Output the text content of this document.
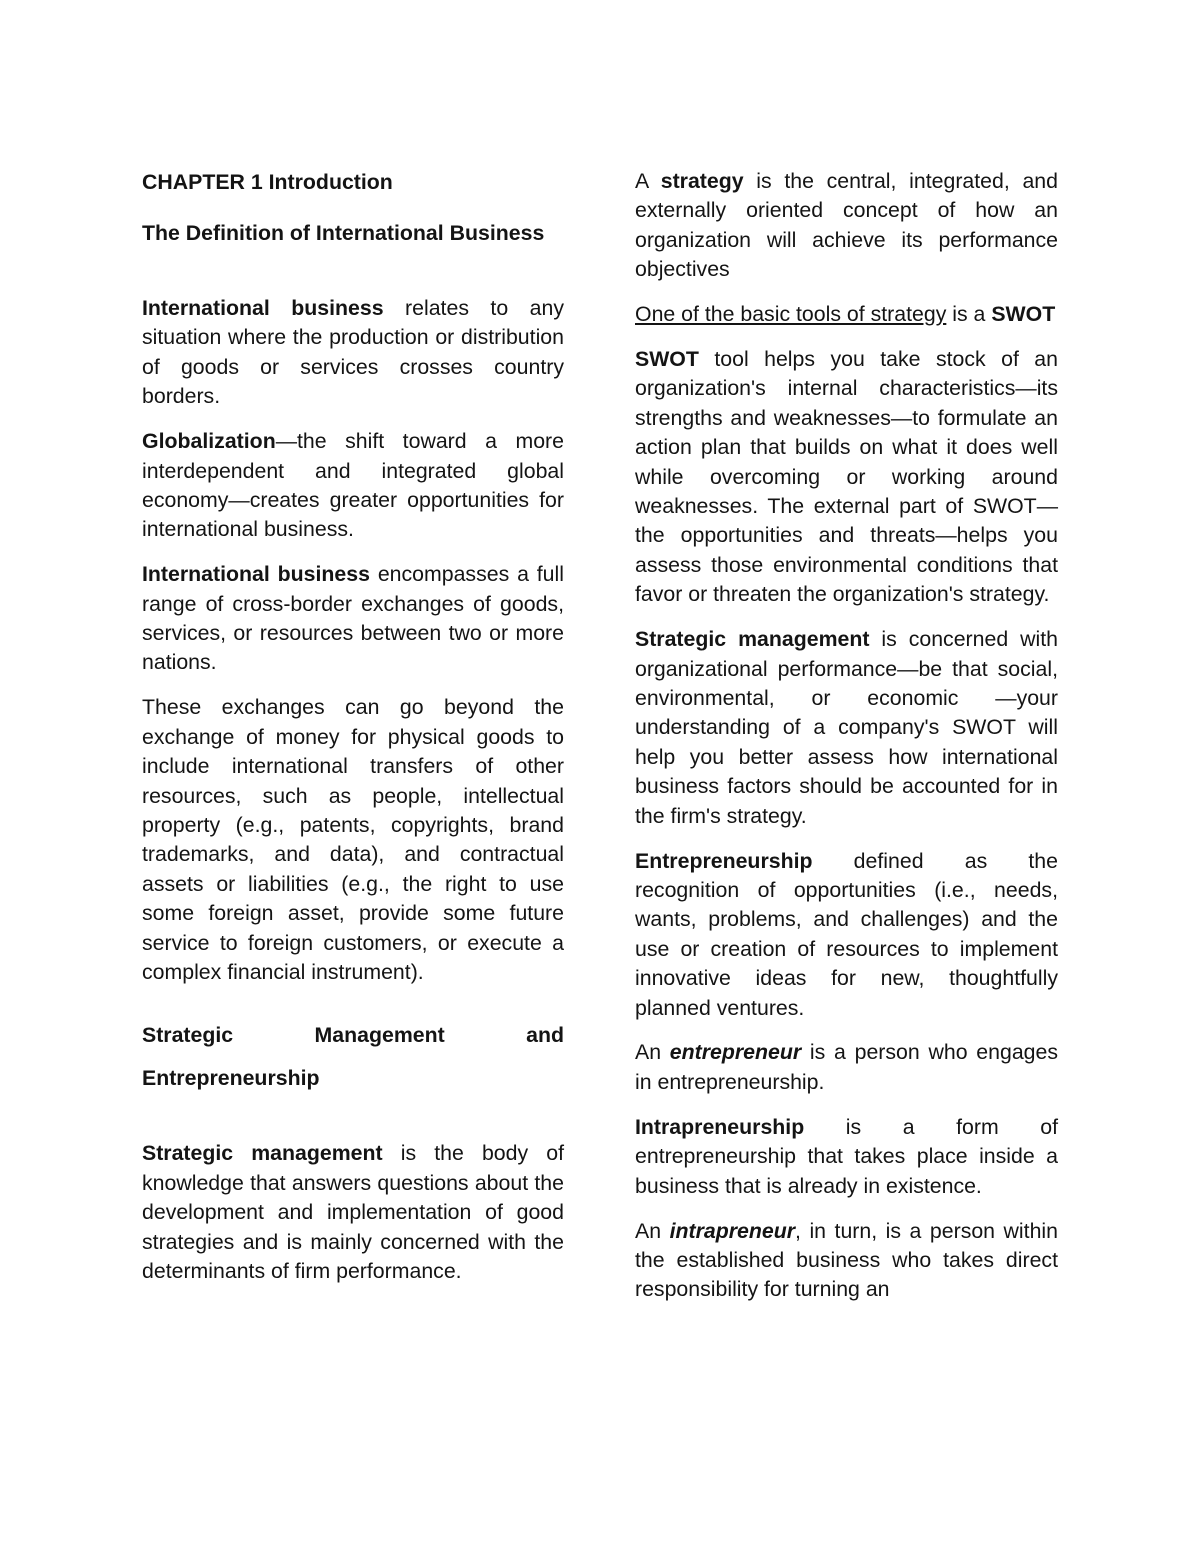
CHAPTER 1 Introduction

The Definition of International Business

International business relates to any situation where the production or distribution of goods or services crosses country borders.

Globalization—the shift toward a more interdependent and integrated global economy—creates greater opportunities for international business.

International business encompasses a full range of cross-border exchanges of goods, services, or resources between two or more nations.

These exchanges can go beyond the exchange of money for physical goods to include international transfers of other resources, such as people, intellectual property (e.g., patents, copyrights, brand trademarks, and data), and contractual assets or liabilities (e.g., the right to use some foreign asset, provide some future service to foreign customers, or execute a complex financial instrument).

Strategic Management and Entrepreneurship

Strategic management is the body of knowledge that answers questions about the development and implementation of good strategies and is mainly concerned with the determinants of firm performance.

A strategy is the central, integrated, and externally oriented concept of how an organization will achieve its performance objectives

One of the basic tools of strategy is a SWOT

SWOT tool helps you take stock of an organization's internal characteristics—its strengths and weaknesses—to formulate an action plan that builds on what it does well while overcoming or working around weaknesses. The external part of SWOT—the opportunities and threats—helps you assess those environmental conditions that favor or threaten the organization's strategy.

Strategic management is concerned with organizational performance—be that social, environmental, or economic —your understanding of a company's SWOT will help you better assess how international business factors should be accounted for in the firm's strategy.

Entrepreneurship defined as the recognition of opportunities (i.e., needs, wants, problems, and challenges) and the use or creation of resources to implement innovative ideas for new, thoughtfully planned ventures.

An entrepreneur is a person who engages in entrepreneurship.

Intrapreneurship is a form of entrepreneurship that takes place inside a business that is already in existence.

An intrapreneur, in turn, is a person within the established business who takes direct responsibility for turning an
